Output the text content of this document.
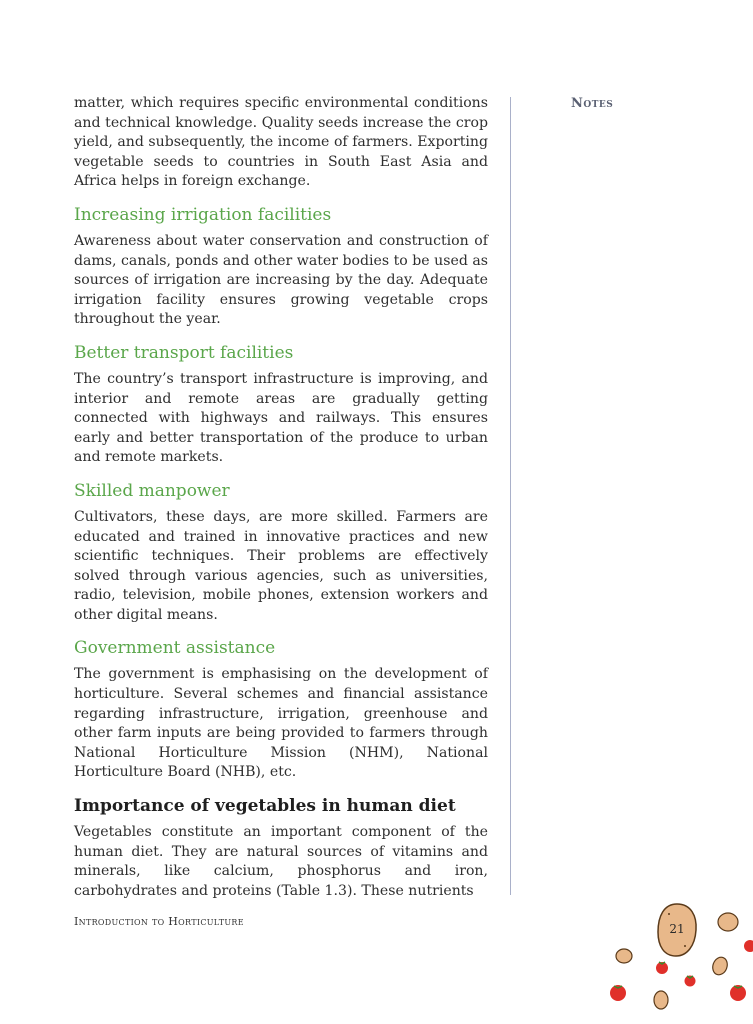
matter, which requires specific environmental conditions and technical knowledge. Quality seeds increase the crop yield, and subsequently, the income of farmers. Exporting vegetable seeds to countries in South East Asia and Africa helps in foreign exchange.

Increasing irrigation facilities

Awareness about water conservation and construction of dams, canals, ponds and other water bodies to be used as sources of irrigation are increasing by the day. Adequate irrigation facility ensures growing vegetable crops throughout the year.

Better transport facilities

The country’s transport infrastructure is improving, and interior and remote areas are gradually getting connected with highways and railways. This ensures early and better transportation of the produce to urban and remote markets.

Skilled manpower

Cultivators, these days, are more skilled. Farmers are educated and trained in innovative practices and new scientific techniques. Their problems are effectively solved through various agencies, such as universities, radio, television, mobile phones, extension workers and other digital means.

Government assistance

The government is emphasising on the development of horticulture. Several schemes and financial assistance regarding infrastructure, irrigation, greenhouse and other farm inputs are being provided to farmers through National Horticulture Mission (NHM), National Horticulture Board (NHB), etc.

Importance of vegetables in human diet

Vegetables constitute an important component of the human diet. They are natural sources of vitamins and minerals, like calcium, phosphorus and iron, carbohydrates and proteins (Table 1.3). These nutrients

Notes
Introduction to Horticulture
21
